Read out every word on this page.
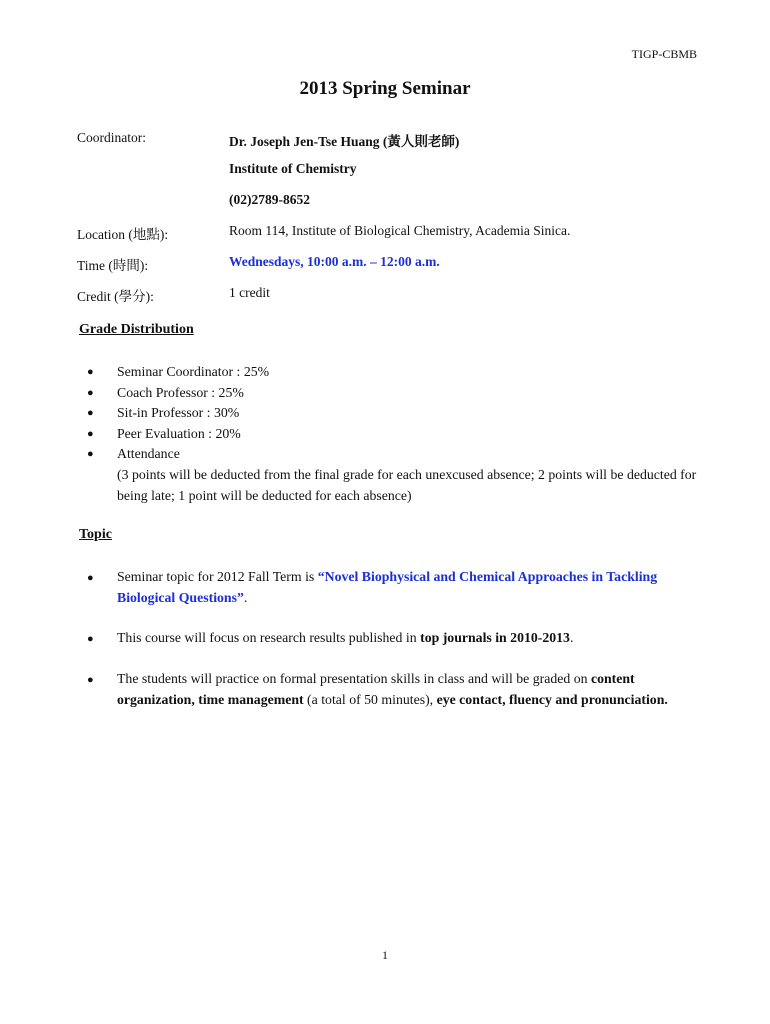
TIGP-CBMB
2013 Spring Seminar
Coordinator:	Dr. Joseph Jen-Tse Huang (黃人則老師)
Institute of Chemistry
(02)2789-8652
Location (地點):	Room 114, Institute of Biological Chemistry, Academia Sinica.
Time (時間):	Wednesdays, 10:00 a.m. – 12:00 a.m.
Credit (學分):	1 credit
Grade Distribution
● Seminar Coordinator : 25%
● Coach Professor : 25%
● Sit-in Professor : 30%
● Peer Evaluation : 20%
● Attendance
(3 points will be deducted from the final grade for each unexcused absence; 2 points will be deducted for being late; 1 point will be deducted for each absence)
Topic
● Seminar topic for 2012 Fall Term is “Novel Biophysical and Chemical Approaches in Tackling Biological Questions”.
● This course will focus on research results published in top journals in 2010-2013.
● The students will practice on formal presentation skills in class and will be graded on content organization, time management (a total of 50 minutes), eye contact, fluency and pronunciation.
1
